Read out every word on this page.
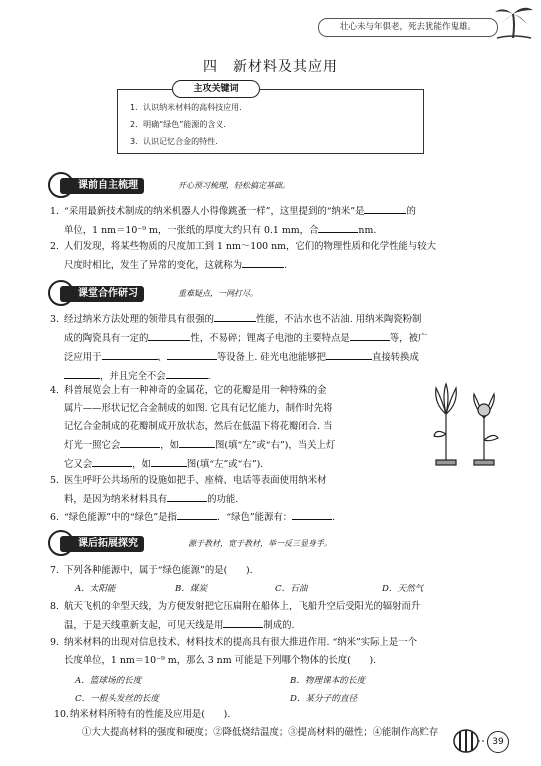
壮心未与年俱老，死去犹能作鬼雄。
四　新材料及其应用
主攻关键词
1．认识纳米材料的高科技应用.
2．明确“绿色”能源的含义.
3．认识记忆合金的特性.
课前自主梳理	开心预习梳理，轻松搞定基础。
1. “采用最新技术制成的纳米机器人小得像跳蚤一样”，这里提到的“纳米”是	的
单位，1 nm＝10⁻⁹ m，一张纸的厚度大约只有 0.1 mm，合	nm.
2. 人们发现，将某些物质的尺度加工到 1 nm～100 nm，它们的物理性质和化学性能与较大
尺度时相比，发生了异常的变化，这就称为	.
课堂合作研习	重难疑点，一网打尽。
3. 经过纳米方法处理的领带具有很强的	性能，不沾水也不沾油. 用纳米陶瓷粉制
成的陶瓷具有一定的	性，不易碎；锂离子电池的主要特点是	等，被广
泛应用于	、	等设备上. 硅光电池能够把	直接转换成
，并且完全不会	.
4. 科普展览会上有一种神奇的金属花，它的花瓣是用一种特殊的金
属片——形状记忆合金制成的如图. 它具有记忆能力，制作时先将
记忆合金制成的花瓣制成开放状态，然后在低温下将花瓣闭合. 当
灯光一照它会	，如	图(填“左”或“右”)，当关上灯
它又会	，如	图(填“左”或“右”).
5. 医生呼吁公共场所的设施如把手、座椅、电话等表面使用纳米材
料，是因为纳米材料具有	的功能.
6. “绿色能源”中的“绿色”是指	．“绿色”能源有：	.
课后拓展探究	源于教材，宽于教材，举一反三显身手。
7. 下列各种能源中，属于“绿色能源”的是(　　).
A．太阳能	B．煤炭	C．石油	D．天然气
8. 航天飞机的伞型天线，为方便发射把它压扁附在船体上，飞船升空后受阳光的辐射而升
温，于是天线重新支起，可见天线是用	制成的.
9. 纳米材料的出现对信息技术、材料技术的提高具有很大推进作用. “纳米”实际上是一个
长度单位，1 nm＝10⁻⁹ m，那么 3 nm 可能是下列哪个物体的长度(　　).
A．篮球场的长度	B．物理课本的长度
C．一根头发丝的长度	D．某分子的直径
10.纳米材料所特有的性能及应用是(　　).
①大大提高材料的强度和硬度；②降低烧结温度；③提高材料的磁性；④能制作高贮存
39
